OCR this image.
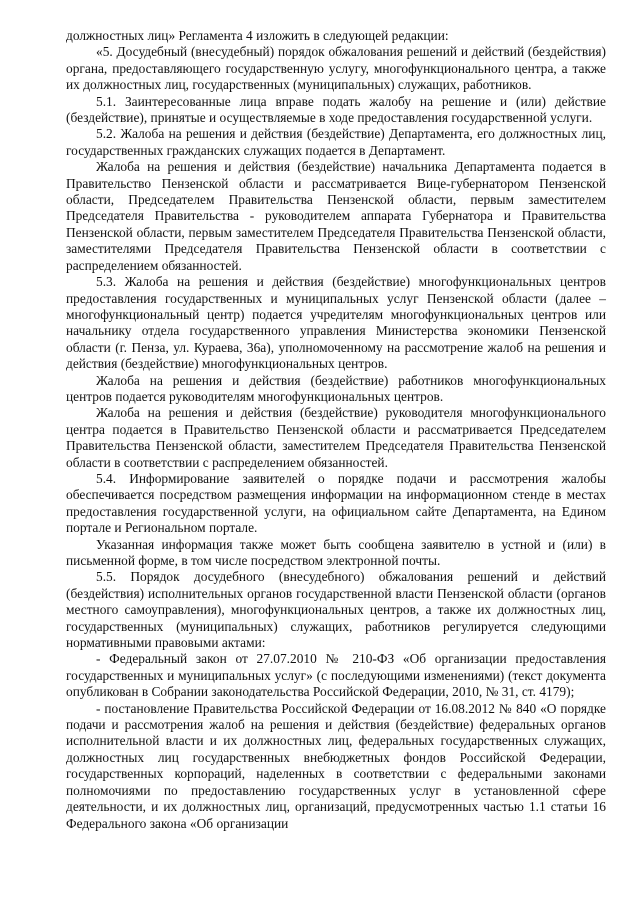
должностных лиц» Регламента 4 изложить в следующей редакции:

«5. Досудебный (внесудебный) порядок обжалования решений и действий (бездействия) органа, предоставляющего государственную услугу, многофункционального центра, а также их должностных лиц, государственных (муниципальных) служащих, работников.

5.1. Заинтересованные лица вправе подать жалобу на решение и (или) действие (бездействие), принятые и осуществляемые в ходе предоставления государственной услуги.

5.2. Жалоба на решения и действия (бездействие) Департамента, его должностных лиц, государственных гражданских служащих подается в Департамент.

Жалоба на решения и действия (бездействие) начальника Департамента подается в Правительство Пензенской области и рассматривается Вице-губернатором Пензенской области, Председателем Правительства Пензенской области, первым заместителем Председателя Правительства - руководителем аппарата Губернатора и Правительства Пензенской области, первым заместителем Председателя Правительства Пензенской области, заместителями Председателя Правительства Пензенской области в соответствии с распределением обязанностей.

5.3. Жалоба на решения и действия (бездействие) многофункциональных центров предоставления государственных и муниципальных услуг Пензенской области (далее – многофункциональный центр) подается учредителям многофункциональных центров или начальнику отдела государственного управления Министерства экономики Пензенской области (г. Пенза, ул. Кураева, 36а), уполномоченному на рассмотрение жалоб на решения и действия (бездействие) многофункциональных центров.

Жалоба на решения и действия (бездействие) работников многофункциональных центров подается руководителям многофункциональных центров.

Жалоба на решения и действия (бездействие) руководителя многофункционального центра подается в Правительство Пензенской области и рассматривается Председателем Правительства Пензенской области, заместителем Председателя Правительства Пензенской области в соответствии с распределением обязанностей.

5.4. Информирование заявителей о порядке подачи и рассмотрения жалобы обеспечивается посредством размещения информации на информационном стенде в местах предоставления государственной услуги, на официальном сайте Департамента, на Едином портале и Региональном портале.

Указанная информация также может быть сообщена заявителю в устной и (или) в письменной форме, в том числе посредством электронной почты.

5.5. Порядок досудебного (внесудебного) обжалования решений и действий (бездействия) исполнительных органов государственной власти Пензенской области (органов местного самоуправления), многофункциональных центров, а также их должностных лиц, государственных (муниципальных) служащих, работников регулируется следующими нормативными правовыми актами:

- Федеральный закон от 27.07.2010 № 210-ФЗ «Об организации предоставления государственных и муниципальных услуг» (с последующими изменениями) (текст документа опубликован в Собрании законодательства Российской Федерации, 2010, № 31, ст. 4179);

- постановление Правительства Российской Федерации от 16.08.2012 № 840 «О порядке подачи и рассмотрения жалоб на решения и действия (бездействие) федеральных органов исполнительной власти и их должностных лиц, федеральных государственных служащих, должностных лиц государственных внебюджетных фондов Российской Федерации, государственных корпораций, наделенных в соответствии с федеральными законами полномочиями по предоставлению государственных услуг в установленной сфере деятельности, и их должностных лиц, организаций, предусмотренных частью 1.1 статьи 16 Федерального закона «Об организации
